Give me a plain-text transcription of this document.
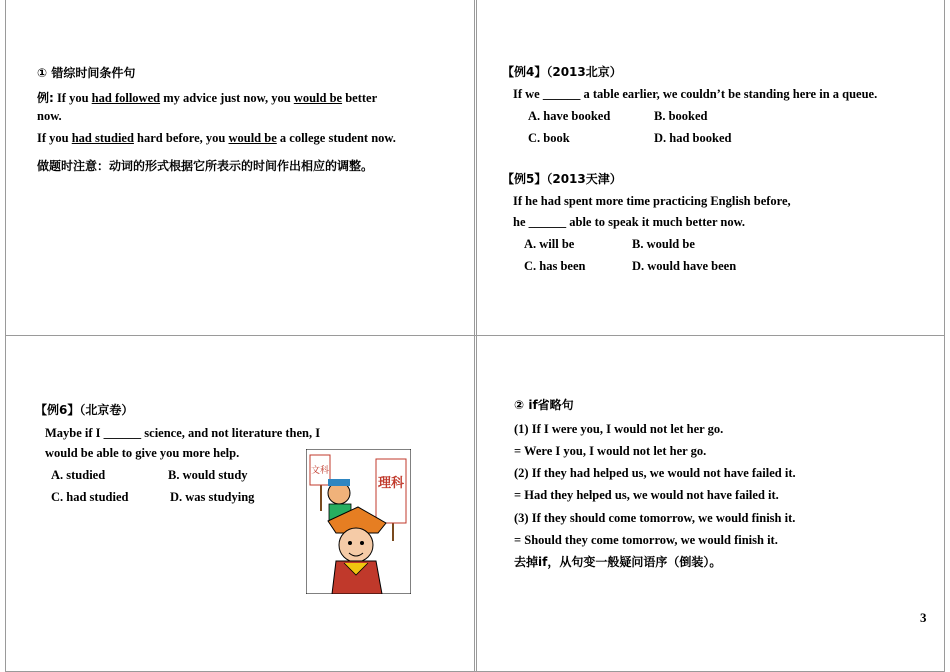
① 错综时间条件句
例: If you had followed my advice just now, you would be better
now.
If you had studied hard before, you would be a college student now.
做题时注意：动词的形式根据它所表示的时间作出相应的调整。
【例4】（2013北京）
If we ______ a table earlier, we couldn’t be standing here in a queue.
A. have booked	B. booked
C. book	D. had booked
【例5】（2013天津）
If he had spent more time practicing English before,
he ______ able to speak it much better now.
A. will be	B. would be
C. has been	D. would have been
【例6】（北京卷）
Maybe if I ______ science, and not literature then, I
would be able to give you more help.
A. studied	B. would study
C. had studied	D. was studying
文科
理科
② if省略句
(1) If I were you, I would not let her go.
= Were I you, I would not let her go.
(2) If they had helped us, we would not have failed it.
= Had they helped us, we would not have failed it.
(3) If they should come tomorrow, we would finish it.
= Should they come tomorrow, we would finish it.
去掉if，从句变一般疑问语序（倒装）。
3
